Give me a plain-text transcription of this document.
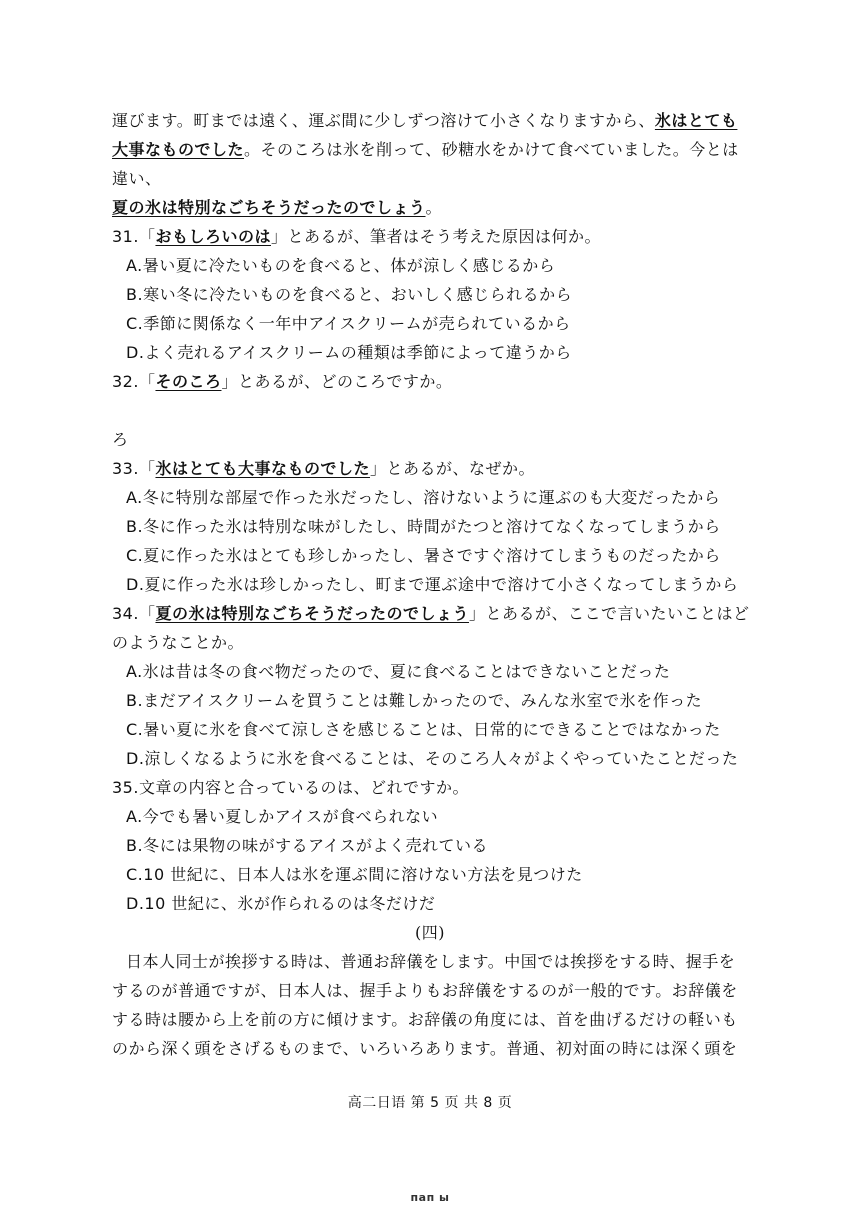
運びます。町までは遠く、運ぶ間に少しずつ溶けて小さくなりますから、氷はとても
大事なものでした。そのころは氷を削って、砂糖水をかけて食べていました。今とは
違い、
夏の氷は特別なごちそうだったのでしょう。
31.「おもしろいのは」とあるが、筆者はそう考えた原因は何か。
A.暑い夏に冷たいものを食べると、体が涼しく感じるから
B.寒い冬に冷たいものを食べると、おいしく感じられるから
C.季節に関係なく一年中アイスクリームが売られているから
D.よく売れるアイスクリームの種類は季節によって違うから
32.「そのころ」とあるが、どのころですか。
ろ
33.「氷はとても大事なものでした」とあるが、なぜか。
A.冬に特別な部屋で作った氷だったし、溶けないように運ぶのも大変だったから
B.冬に作った氷は特別な味がしたし、時間がたつと溶けてなくなってしまうから
C.夏に作った氷はとても珍しかったし、暑さですぐ溶けてしまうものだったから
D.夏に作った氷は珍しかったし、町まで運ぶ途中で溶けて小さくなってしまうから
34.「夏の氷は特別なごちそうだったのでしょう」とあるが、ここで言いたいことはど
のようなことか。
A.氷は昔は冬の食べ物だったので、夏に食べることはできないことだった
B.まだアイスクリームを買うことは難しかったので、みんな氷室で氷を作った
C.暑い夏に氷を食べて涼しさを感じることは、日常的にできることではなかった
D.涼しくなるように氷を食べることは、そのころ人々がよくやっていたことだった
35.文章の内容と合っているのは、どれですか。
A.今でも暑い夏しかアイスが食べられない
B.冬には果物の味がするアイスがよく売れている
C.10 世紀に、日本人は氷を運ぶ間に溶けない方法を見つけた
D.10 世紀に、氷が作られるのは冬だけだ
(四)
日本人同士が挨拶する時は、普通お辞儀をします。中国では挨拶をする時、握手を
するのが普通ですが、日本人は、握手よりもお辞儀をするのが一般的です。お辞儀を
する時は腰から上を前の方に傾けます。お辞儀の角度には、首を曲げるだけの軽いも
のから深く頭をさげるものまで、いろいろあります。普通、初対面の時には深く頭を
高二日语 第 5 页 共 8 页
пап ы
